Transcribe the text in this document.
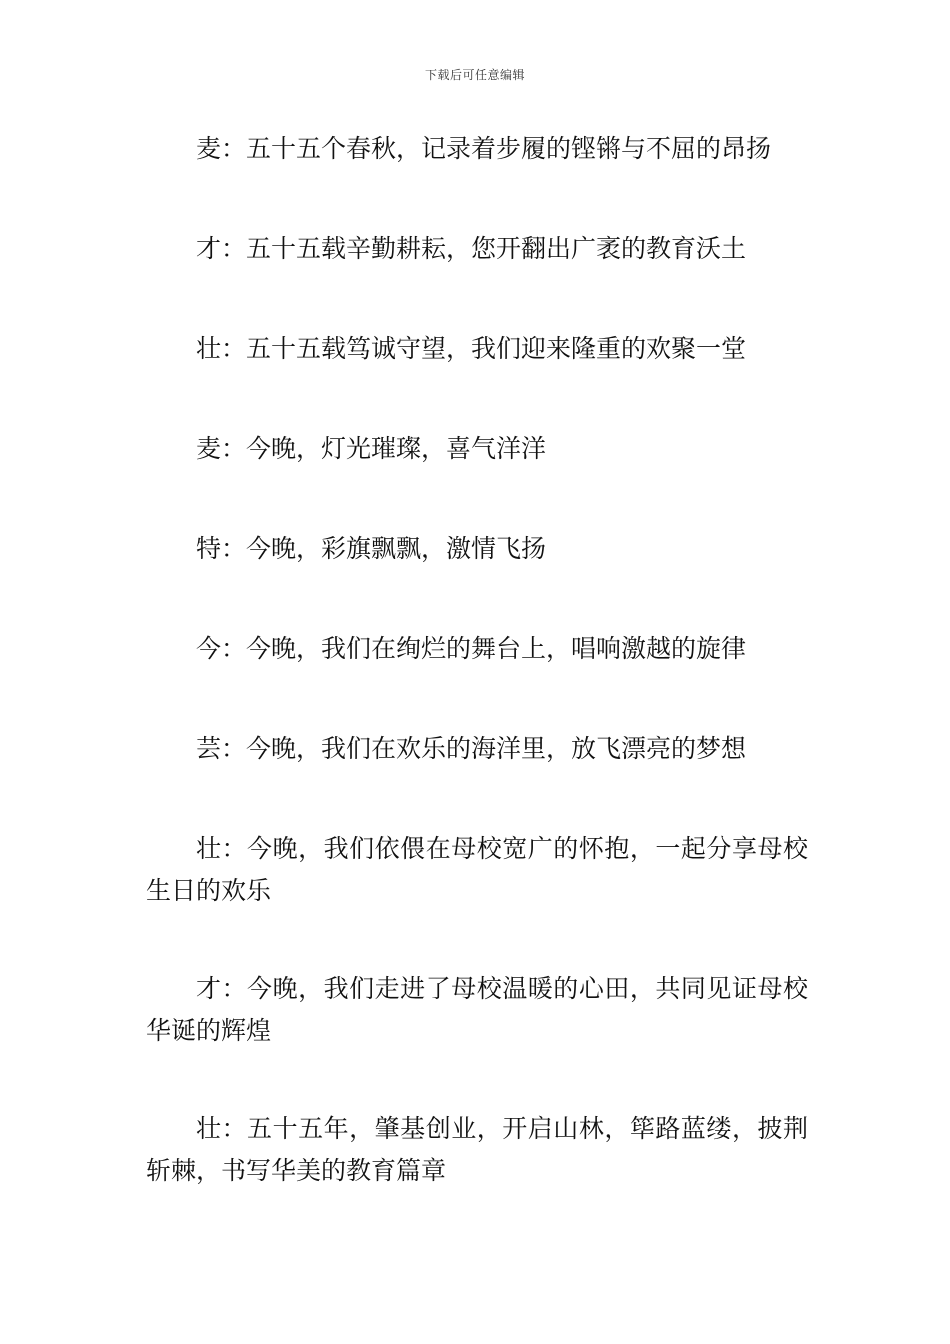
下载后可任意编辑

麦：五十五个春秋，记录着步履的铿锵与不屈的昂扬

才：五十五载辛勤耕耘，您开翻出广袤的教育沃土

壮：五十五载笃诚守望，我们迎来隆重的欢聚一堂

麦：今晚，灯光璀璨，喜气洋洋

特：今晚，彩旗飘飘，激情飞扬

今：今晚，我们在绚烂的舞台上，唱响激越的旋律

芸：今晚，我们在欢乐的海洋里，放飞漂亮的梦想

壮：今晚，我们依偎在母校宽广的怀抱，一起分享母校生日的欢乐

才：今晚，我们走进了母校温暖的心田，共同见证母校华诞的辉煌

壮：五十五年，肇基创业，开启山林，筚路蓝缕，披荆斩棘，书写华美的教育篇章
